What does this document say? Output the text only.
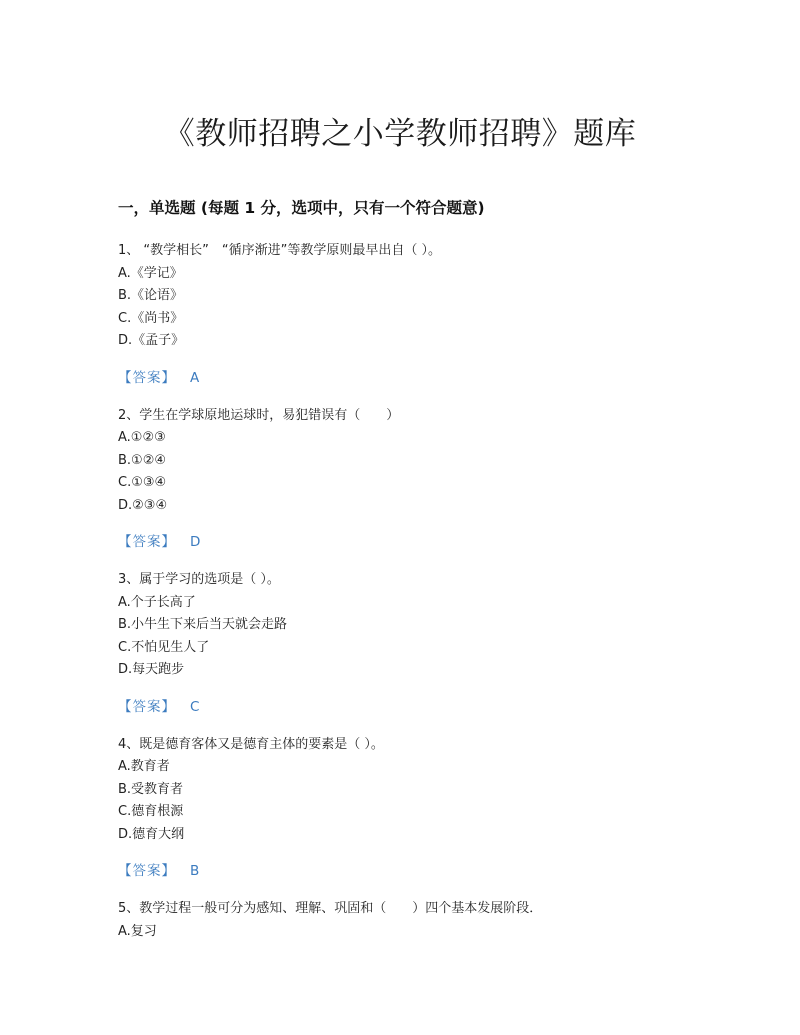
《教师招聘之小学教师招聘》题库
一，单选题 (每题 1 分，选项中，只有一个符合题意)
1、 “教学相长”　“循序渐进”等教学原则最早出自（ ）。
A.《学记》
B.《论语》
C.《尚书》
D.《孟子》
【答案】 A
2、学生在学球原地运球时，易犯错误有（　　）
A.①②③
B.①②④
C.①③④
D.②③④
【答案】 D
3、属于学习的选项是（ ）。
A.个子长高了
B.小牛生下来后当天就会走路
C.不怕见生人了
D.每天跑步
【答案】 C
4、既是德育客体又是德育主体的要素是（ ）。
A.教育者
B.受教育者
C.德育根源
D.德育大纲
【答案】 B
5、教学过程一般可分为感知、理解、巩固和（　　）四个基本发展阶段．
A.复习
